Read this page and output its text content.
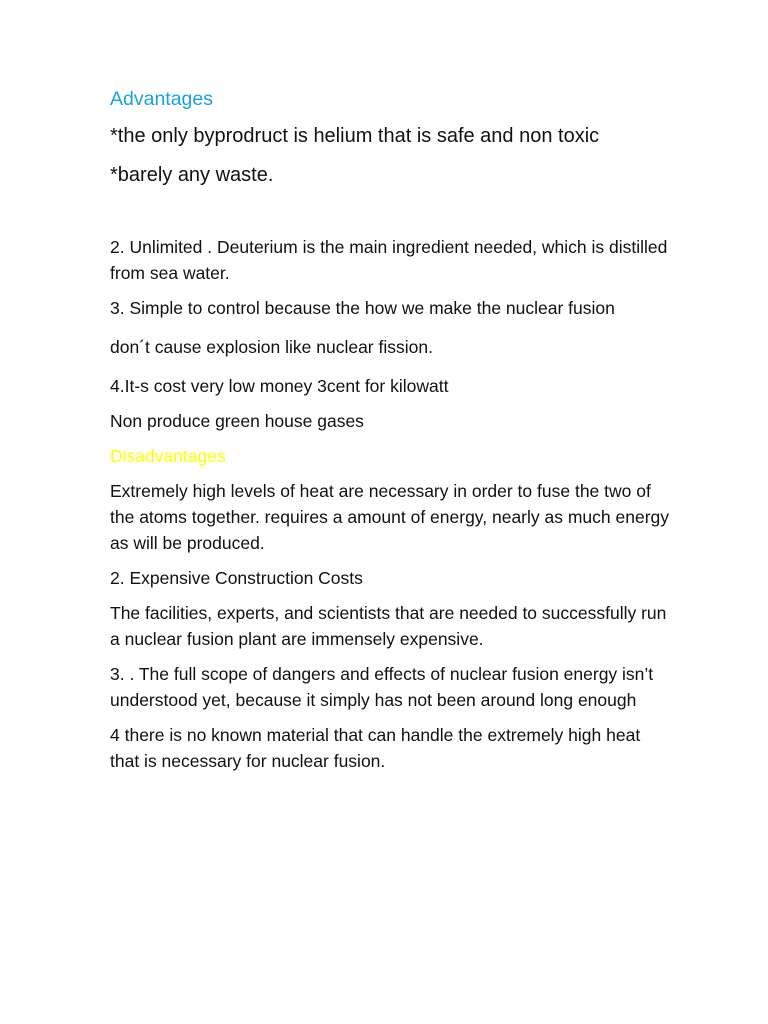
Advantages

*the only byprodruct is helium that is safe and non toxic

*barely any waste.

2. Unlimited . Deuterium is the main ingredient needed, which is distilled from sea water.

3. Simple to control because the how we make the nuclear fusion

don´t cause explosion like nuclear fission.

4.It-s cost very low money 3cent for kilowatt

Non produce green house gases

Disadvantages

Extremely high levels of heat are necessary in order to fuse the two of the atoms together. requires a amount of energy, nearly as much energy as will be produced.

2. Expensive Construction Costs

The facilities, experts, and scientists that are needed to successfully run a nuclear fusion plant are immensely expensive.

3. . The full scope of dangers and effects of nuclear fusion energy isn’t understood yet, because it simply has not been around long enough

4 there is no known material that can handle the extremely high heat that is necessary for nuclear fusion.
